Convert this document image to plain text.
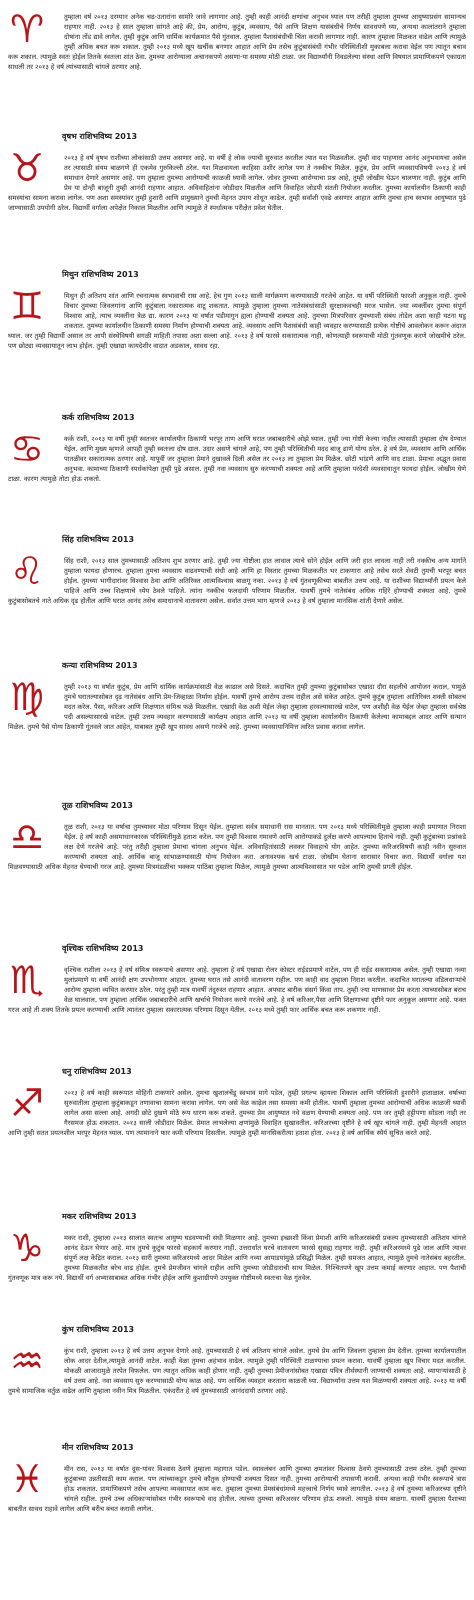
♈	तुम्हाला वर्ष २०१३ दरम्यान अनेक चढ-उतारांना सामोरे जावे लागणार आहे. तुम्ही काही आनंदी क्षणांचा अनुभव घ्याल पण तरीही तुम्हाला तुमच्या आयुष्याप्रसंग सामान्यच राहणार नाही. २०१३ हे साल तुम्हाला सांगते आहे की, प्रेम, आरोग्य, कुटुंब, व्यवसाय, पैसे आणि शिक्षण यासंबंधीचे निर्णय सावधपणे घ्या, अन्यथा कालांतराने तुम्हाला दोषांना तोंड द्यावे लागेल. तुम्ही कुटुंब आणि धार्मिक कार्यक्रमात पैसे गुंतवाल. तुम्हाला पैशासंबंधीची चिंता करावी लागणार नाही. कारण तुम्हाला मिळकत वाढेल आणि त्यामुळे तुम्ही अधिक बचत करू शकाल. तुम्ही २०१३ मध्ये खूप खर्चीक बनणार आहात आणि प्रेम तसेच कुटुंबासंबंधी गंभीर परिस्थितीशी मुकाबला करावा वेईल पण त्यातून बचाव करू शकाल. त्यामुळे स्वतः होईल तितके स्वतःला शांत ठेवा. तुमच्या आरोग्याला अचानकपणे असणा-या समस्या मोठी टाळा. जर विद्यार्थ्यांनी निवडलेल्या संस्था आणि विषयात प्रामाणिकपणे एकाग्रता साधली तर २०१३ हे वर्ष त्यांच्यासाठी चांगले ठरणार आहे.
♉
वृषभ राशिभविष्य 2013
२०१३ हे वर्ष वृषभ राशीच्या लोकांसाठी उत्तम असणार आहे. या वर्षी हे लोक ज्याची सुरुवात करतील त्यात यश मिळवतील. तुम्ही वाद पाहणारा आनंद अनुभवायचा असेल तर त्यासाठी संयम बाळगणे ही एकमेव गुरुकिल्ली ठरेल. यश मिळवायला काहिसा उशीर लागेल पण ते नक्कीच मिळेल. कुटुंब, प्रेम आणि व्यवसायविषयी २०१३ हे वर्ष समाधान देणारे असणार आहे. पण तुम्हाला तुमच्या आरोग्याची काळजी घ्यावी लागेल. जोवर तुमच्या आरोग्याचा प्रश्न आहे, तुम्ही जोखीम घेऊन चालणार नाही. कुटुंब आणि प्रेम या दोन्ही बाजूनी तुम्ही आनंदी राहणार आहात. अविवाहितांना जोडीदार मिळतील आणि विवाहित जोडपी संतती नियोजन करतील. तुमच्या कार्यालयीन ठिकाणी काही समस्यांचा सामना करावा लागेल. पण अशा समस्यांवर तुम्ही हुशारी आणि प्रामुख्याने तुमची मेहनत उपाय शोधून काढेल. तुम्ही सर्वांशी एवढे असणार आहात आणि तुमचा हाच स्वभाव आयुष्यात पुढे जाण्यासाठी उपयोगी ठरेल. विद्यार्थी वर्गाला अपेक्षेत निकाल मिळतील आणि त्यामुळे ते स्पर्धात्मक परीक्षेत प्रवेश घेतील.
♊
मिथुन राशिभविष्य 2013
मिथुन ही अतिशय शांत आणि रचनात्मक स्वभावाची रास आहे. हेच गुण २०१३ साली मार्गक्रमण करण्यासाठी गरजेचे आहेत. या वर्षी परिस्थिती फारशी अनुकूल नाही. तुमचे विचार तुमच्या जिवलगांना आणि कुटुंबाला नकारात्मक वाटू शकतात. त्यामुळे तुम्हाला तुमच्या नातेसंबंधांसाठी सुरक्षाकवचही मरज भासेल. ज्या व्यक्तींवर तुमचा संपूर्ण विश्वास आहे, त्याच व्यक्तींना त्रेळ द्या. कारण २०१३ या वर्षात पडीमागुन ह्यला होण्याची शक्यता आहे. तुमच्या मित्रपरिवार तुमच्याशी संबंध तोडेल अशा काही घटना घडू शकतात. तुमच्या कार्यालयीन ठिकाणी समस्या निर्माण होण्याची शक्यता आहे. व्यवसाय आणि पैशासंबंधी काही व्यवहार करण्यासाठी प्रत्येक गोष्टीचे आवलोकन करून अंदाज घ्याल. जर तुम्ही विद्यार्थी असाल तर आपी संस्थेविषयी सगळी माहिती तपासा अशा सल्ला आहे. २०१३ हे वर्ष फारसे सकारात्मक नाही, कोणत्याही स्वरूपाची मोठी गुंतवणूक करणे जोखमीचे ठरेल. पण छोट्या व्यवसायातून लाभ होईल. तुम्ही एखाद्या कायदेशीर वादात अडकाल, सावध रहा.
♋
कर्क राशिभविष्य 2013
कर्क राशी, २०१३ या वर्षी तुम्ही स्वतःवर कार्यालयीन ठिकाणी भरपूर ताण आणि घरात जबाबदारीचे ओझे घ्याल. तुम्ही ज्या गोष्टी केल्या नाहीत त्यासाठी तुम्हाला दोष देण्यात येईल. आणि मुख्य म्हणजे आपही तुम्ही स्वतःला दोष द्याल. उदार असणे चांगले आहे, पण तुम्ही परिस्थितीची मदद बाजू ढाणे योग्य ठरेल. हे वर्ष प्रेम, व्यवसाय आणि आर्थिक पातळीवर सकारात्मक ठरणार आहे. यापूर्वी जर तुम्हाला प्रेमाने दुखावले दिली असेल तर २०१३ ला तुम्हाला प्रेम मिळेल. छोटी भांडणे आणि वाद टाळा. प्रेमाचा अद्भुत प्रवास अनुभवा. कामाच्या ठिकाणी स्पर्धकांपेक्षा तुम्ही पुढे असाल. तुम्ही नवा व्यवसाय सुरु करण्याची शक्यता आहे आणि तुम्हाला परदेशी व्यवसायातून फायदा होईल. जोखीम घेणे टाळा. कारण त्यामुळे तोटा होऊ शकतो.
♌
सिंह राशिभविष्य 2013
सिंह राशी, २०१३ साल तुमच्यासाठी अतिशय शुभ ठरणार आहे. तुम्ही ज्या गोष्टीला हात लावाल त्याचे सोने होईल आणि जरी हात लावला नाही तरी नक्कीच अन्य मार्गाने तुम्हाला फायदा होणारच. तुम्हाला तुमचा व्यवसाय वाढवण्याची संधी आहे आणि हा विस्तार तुमच्या मिळकतीत भर टाकणारा आहे तसेच सरते शेवटी तुमची भरपूर बचत होईल. तुमच्या भागीदारांवर विश्वास ठेवा आणि अतिरिक्त आत्मविश्वास बाळगू नका. २०१३ हे वर्ष गुंतवणूकीच्या बाबतीत उत्तम आहे. या राशीच्या विद्यार्थ्यांनी प्रयत्न केले पाहिजे आणि उच्च शिक्षणाचे ध्येय ठेवले पाहिजे. त्यांना नक्कीच फलदायी परिणाम मिळतील. यावर्षी तुमचे नातेसंबंध अधिक गहिरे होण्याची शक्यता आहे. तुमचे कुटुंबासोबतचे नाते अधिक दृढ होतील आणि घरात आनंद तसेच समाधानाचे वातावरण असेल. सर्वात उत्तम भाग म्हणजे २०१३ हे वर्ष तुम्हाला मानसिक शांती देणारे असेल.
♍
कन्या राशिभविष्य 2013
तुम्ही २०१३ या वर्षात कुटुंब, प्रेम आणि धार्मिक कार्यक्रमांसाठी वेळ काढाल असे दिसते. कदाचित तुम्ही तुमच्या कुटुंबासोबत एखादा दौरा सहलीचे आयोजन कराल, यामुळे तुमचे घरातल्यासोबत दृढ नातेसंबंध आणि प्रेम-जिव्हाळा निर्माण होईल. यावर्षी तुमचे आरोग्य उत्तम राहील असे संकेत आहेत. तुमचे कुटुंब तुम्हाला आतिरिक्त शक्ती सोबतच मदत करेल. पैसा, करिअर आणि शिक्षणात संमिश्र फळे मिळतील. एखादी वेळ अशी येईल जेव्हा तुम्हाला हरवल्यासारखे वाटेल, पण अशीही वेळ येईल जेव्हा तुम्हाला सर्वश्रेष्ठ पदी असल्यासारखे वाटेल. तुम्ही उत्तम व्यवहार करण्यासाठी कार्यक्षम आहात आणि २०१३ या वर्षी तुम्हाला कार्यालयीन ठिकाणी केलेल्या कामाबद्दल आदर आणि सन्मान मिळेल. तुमचे पैसे योग्य ठिकाणी गुंतवले जात आहेत, याबाबत तुम्ही खूप सावध असणे गरजेचे आहे. तुमच्या व्यवसायानिमित्त त्वरित प्रवास करावा लागेल.
♎
तूळ राशिभविष्य 2013
तूळ राशी, २०१३ या वर्षाचा तुमच्यावर मोठा परिणाम दिसून येईल. तुम्हाला सर्वत्र समाधानी रास मानतात. पण २०१३ मध्ये परिस्थितीमुळे तुम्हाला काही प्रमाणात निराशा येईल. हे वर्ष काही असमाधानकारक परिस्थितींमुळे हताश करेल. पण तुम्ही विश्वास गमावणे आणि आरोग्याकडे दुर्लक्ष करणे आपल्याच हिताचे नाही. तुम्ही कुटुंबाच्या प्रश्नांकडे लक्ष देणे गरजेचे आहे. परंतु तरीही तुम्हाला प्रेमाचा चांगला अनुभव येईल. अविवाहितांसाठी लवकर विवाहाचे योग आहेत. तुमच्या करिअरविषयी काही नवीन सुरुवात करण्याची शक्यता आहे. आर्थिक बाजू सांभाळण्यासाठी योग्य नियोजन करा. अनावश्यक खर्च टाळा. जोखीम घेताना सारासार विचार करा. विद्यार्थी वर्गाला यश मिळवण्यासाठी अधिक मेहनत घेण्याची गरज आहे. तुमच्या मित्रमंडळींचा भक्कम पाठिंबा तुम्हाला मिळेल, त्यामुळे तुमच्या आत्मविश्वासात भर पडेल आणि तुमची प्रगती होईल.
♏
वृश्चिक राशिभविष्य 2013
वृश्चिक राशीला २०१३ हे वर्ष संमिश्र स्वरूपाचे असणार आहे. तुम्हाला हे वर्ष एखाद्या रोलर कोस्टर राईडप्रमाणे वाटेल, पण ही राईड सकारात्मक असेल. तुम्ही एखाद्या नव्या मुलांप्रमाणे या वर्षी आनंदी क्षण उपभोगणार आहात. तुमच्या घरात तसे आनंदी वातावरण राहील. पण काही वाद तुम्हाला निराश करतील. कदाचित घरातल्या वडिलधाऱ्यांचे आरोग्य तुम्हाला व्यथित करणार ठरेल. परंतु तुम्ही मात्र यावर्षी तंदुरुस्त राहणार आहात. अपघाट बारीक संसर्ग किंवा ताप. तुम्ही ज्या माणसावर प्रेम करता त्याच्यासोबत बराच वेळ घालवाल. पण तुम्हाला आर्थिक जबाबदारीचे आणि खर्चाचे नियोजन करणे गरजेचे आहे. हे वर्ष करिअर,पैसा आणि शिक्षणाच्या दृष्टीने फार अनुकूल असणार आहे. फक्त गरज आहे ती शक्य तितके प्रयत्न करण्याची आणि त्यानंतर तुम्हाला सकारात्मक परिणाम दिसून येतील. २०१३ मध्ये तुम्ही फार आर्थिक बचत करू शकणार नाही.
♐
धनु राशिभविष्य 2013
२०१३ हे वर्ष काही स्वरूपात मोहिनी टाकणारे असेल. तुमचा खुशालचेंडू स्वभाव मागे पडेल, तुम्ही प्रगल्भ व्हायला शिकाल आणि परिस्थिती हुशारीने हाताळाल. वर्षाच्या सुरुवातीला तुम्हाला कुटुंबाकडून तणावाचा सामना करावा लागेल. पण असे वेळ काढ़ेल तसा समस्या कमी होतील. यावर्षी तुम्हाला तुमच्या आरोग्याची अधिक काळजी घ्यावी लागेल असा सल्ला आहे. अगदी छोटे दुखणे मोठे रूप धारण करू शकते. तुमच्या प्रेम आयुष्यात नवे वळण येण्याची शक्यता आहे. पण जर तुम्ही हट्टीपणा सोडला नाही तर गैरसमज होऊ शकतात. २०१३ साली जोडीदार मिळेल. प्रेमात लाभलेल्या क्षणांमुळे विवाहित सुखावतील. करिअरच्या दृष्टीने हे वर्ष खूप चांगले नाही. तुम्ही मेहनती आहात आणि तुम्ही सतत प्रयत्नशील भरपूर मेहनत घ्याल. पण त्यामानाने फार कमी परिणाम दिसतील. त्यामुळे तुम्ही मानसिकरीत्या हताश होता. २०१३ हे वर्ष आर्थिक स्थैर्य सूचित करते आहे.
♑
मकर राशिभविष्य 2013
मकर राशी, तुम्हाला २०१३ सालात स्वतःच आयुष्य घडवण्याची संधी मिळणार आहे. तुमच्या इच्छाशी किंवा प्रेमाशी आणि करिअरसंबंधी प्रकल्प तुमच्यासाठी अतिशय चांगले आनंद देऊन घेणार आहे. मात्र तुमचे कुटुंब फारसे सहकार्य करणार नाही. उत्तरार्धात घरचे वातावरण फारसे सुसह्य राहणार नाही. तुम्ही करिअरमध्ये पुढे जाल आणि त्यावर संपूर्ण लक्ष केंद्रित कराल. २०१३ सारी तुमच्या करिअरमध्ये आदर मिळेल आणि नव्या आयाडयांमुळे प्रसिद्धी मिळेल. तुम्ही समजत आहात, त्यामुळे तुमचे नातेसंबंध बहरतील. तुमच्या मिळकतीत बरेच वाढ होईल. तुमचे प्रेमजीवन चांगले राहील आणि तुमच्या जोडीदाराची साथ मिळेल. निश्चितपणे खूप उत्तम कमाई करणार आहात. पण पैशाची गुंतवणूक मात्र करू नये. विद्यार्थी वर्ग अभ्यासाबाबत अधिक गंभीर होईल आणि कुशाग्रीपणे उपयुक्त गोष्टीमध्ये स्वतःचा वेळ गुंतवेल.
♒
कुंभ राशिभविष्य 2013
कुंभ राशी, तुम्हाला २०१३ हे वर्ष उत्तम अनुभव देणारे आहे. तुमच्यासाठी हे वर्ष अतिशय चांगले असेल. तुमचे प्रेम आणि जिवलग तुम्हाला प्रेम देतील. तुमच्या कार्यालयातील लोक आदर देतील,त्यामुळे आनंदी वाटेल. काही वेळा तुमचा अहंभाव वाढेल. त्यामुळे तुम्ही परिस्थिती टाळण्याचा प्रयत्न करावा. यावर्षी तुम्हाला खूप विचार मदत करतील. मोकळी आजारामुळे तरपेत विफलेल. पण त्यातून अधिक काही होणार नाही. तुम्ही तुमच्या प्रेमीजनांसोबत एखाद्या पवित्र तीर्थस्थानी जाण्याची शक्यता आहे. व्यापाऱ्यांसाठी हे वर्ष उत्तम आहे. नवा व्यवसाय सुरु करण्यासाठी योग्य काळ आहे. पण आर्थिक व्यवहार करताना काळजी घ्या. विद्यार्थ्यांना उत्तम यश मिळण्याची शक्यता आहे. २०१३ या वर्षी तुमचे सामाजिक वर्तुळ वाढेल आणि तुम्हाला नवीन मित्र मिळतील. एकंदरीत हे वर्ष तुमच्यासाठी आनंददायी ठरणार आहे.
♓
मीन राशिभविष्य 2013
मीन रास, २०१३ या वर्षात दुस-यांवर विश्वास ठेवणे तुम्हाला महागात पडेल. स्वावलंबन आणि तुमच्या क्षमतांवर विश्वास ठेवणे तुमच्यासाठी उत्तम ठरेल. तुम्ही तुमच्या कुटुंबाच्या उन्नतीसाठी काम कराल. पण त्यांच्याकडून तुमचे कौतुक होण्याची शक्यता दिसत नाही. तुमच्या आरोग्याची तपासणी करावी. अन्यथा काही गंभीर स्वरूपाचे त्रास होऊ शकतात. प्रामाणिकपणे तसेच आपल्या व्यवसायात काम करा. तुम्हाला तुमच्या प्रेमसंबंधांमध्ये महत्त्वाचे निर्णय घ्यावे लागतील. २०१३ हे वर्ष तुमच्या करिअरच्या दृष्टीने चांगले राहील. तुमचे उच्च अधिकाऱ्यांसोबत गंभीर स्वरूपाचे वाद होतील. त्याच्या तुमच्या करिअरवर परिणाम होऊ शकतो. त्यामुळे संयम बाळगा. यावर्षी तुम्हाला पैशाच्या बाबतीत सावध राहावे लागेल आणि बरीच बचत करावी लागेल.
